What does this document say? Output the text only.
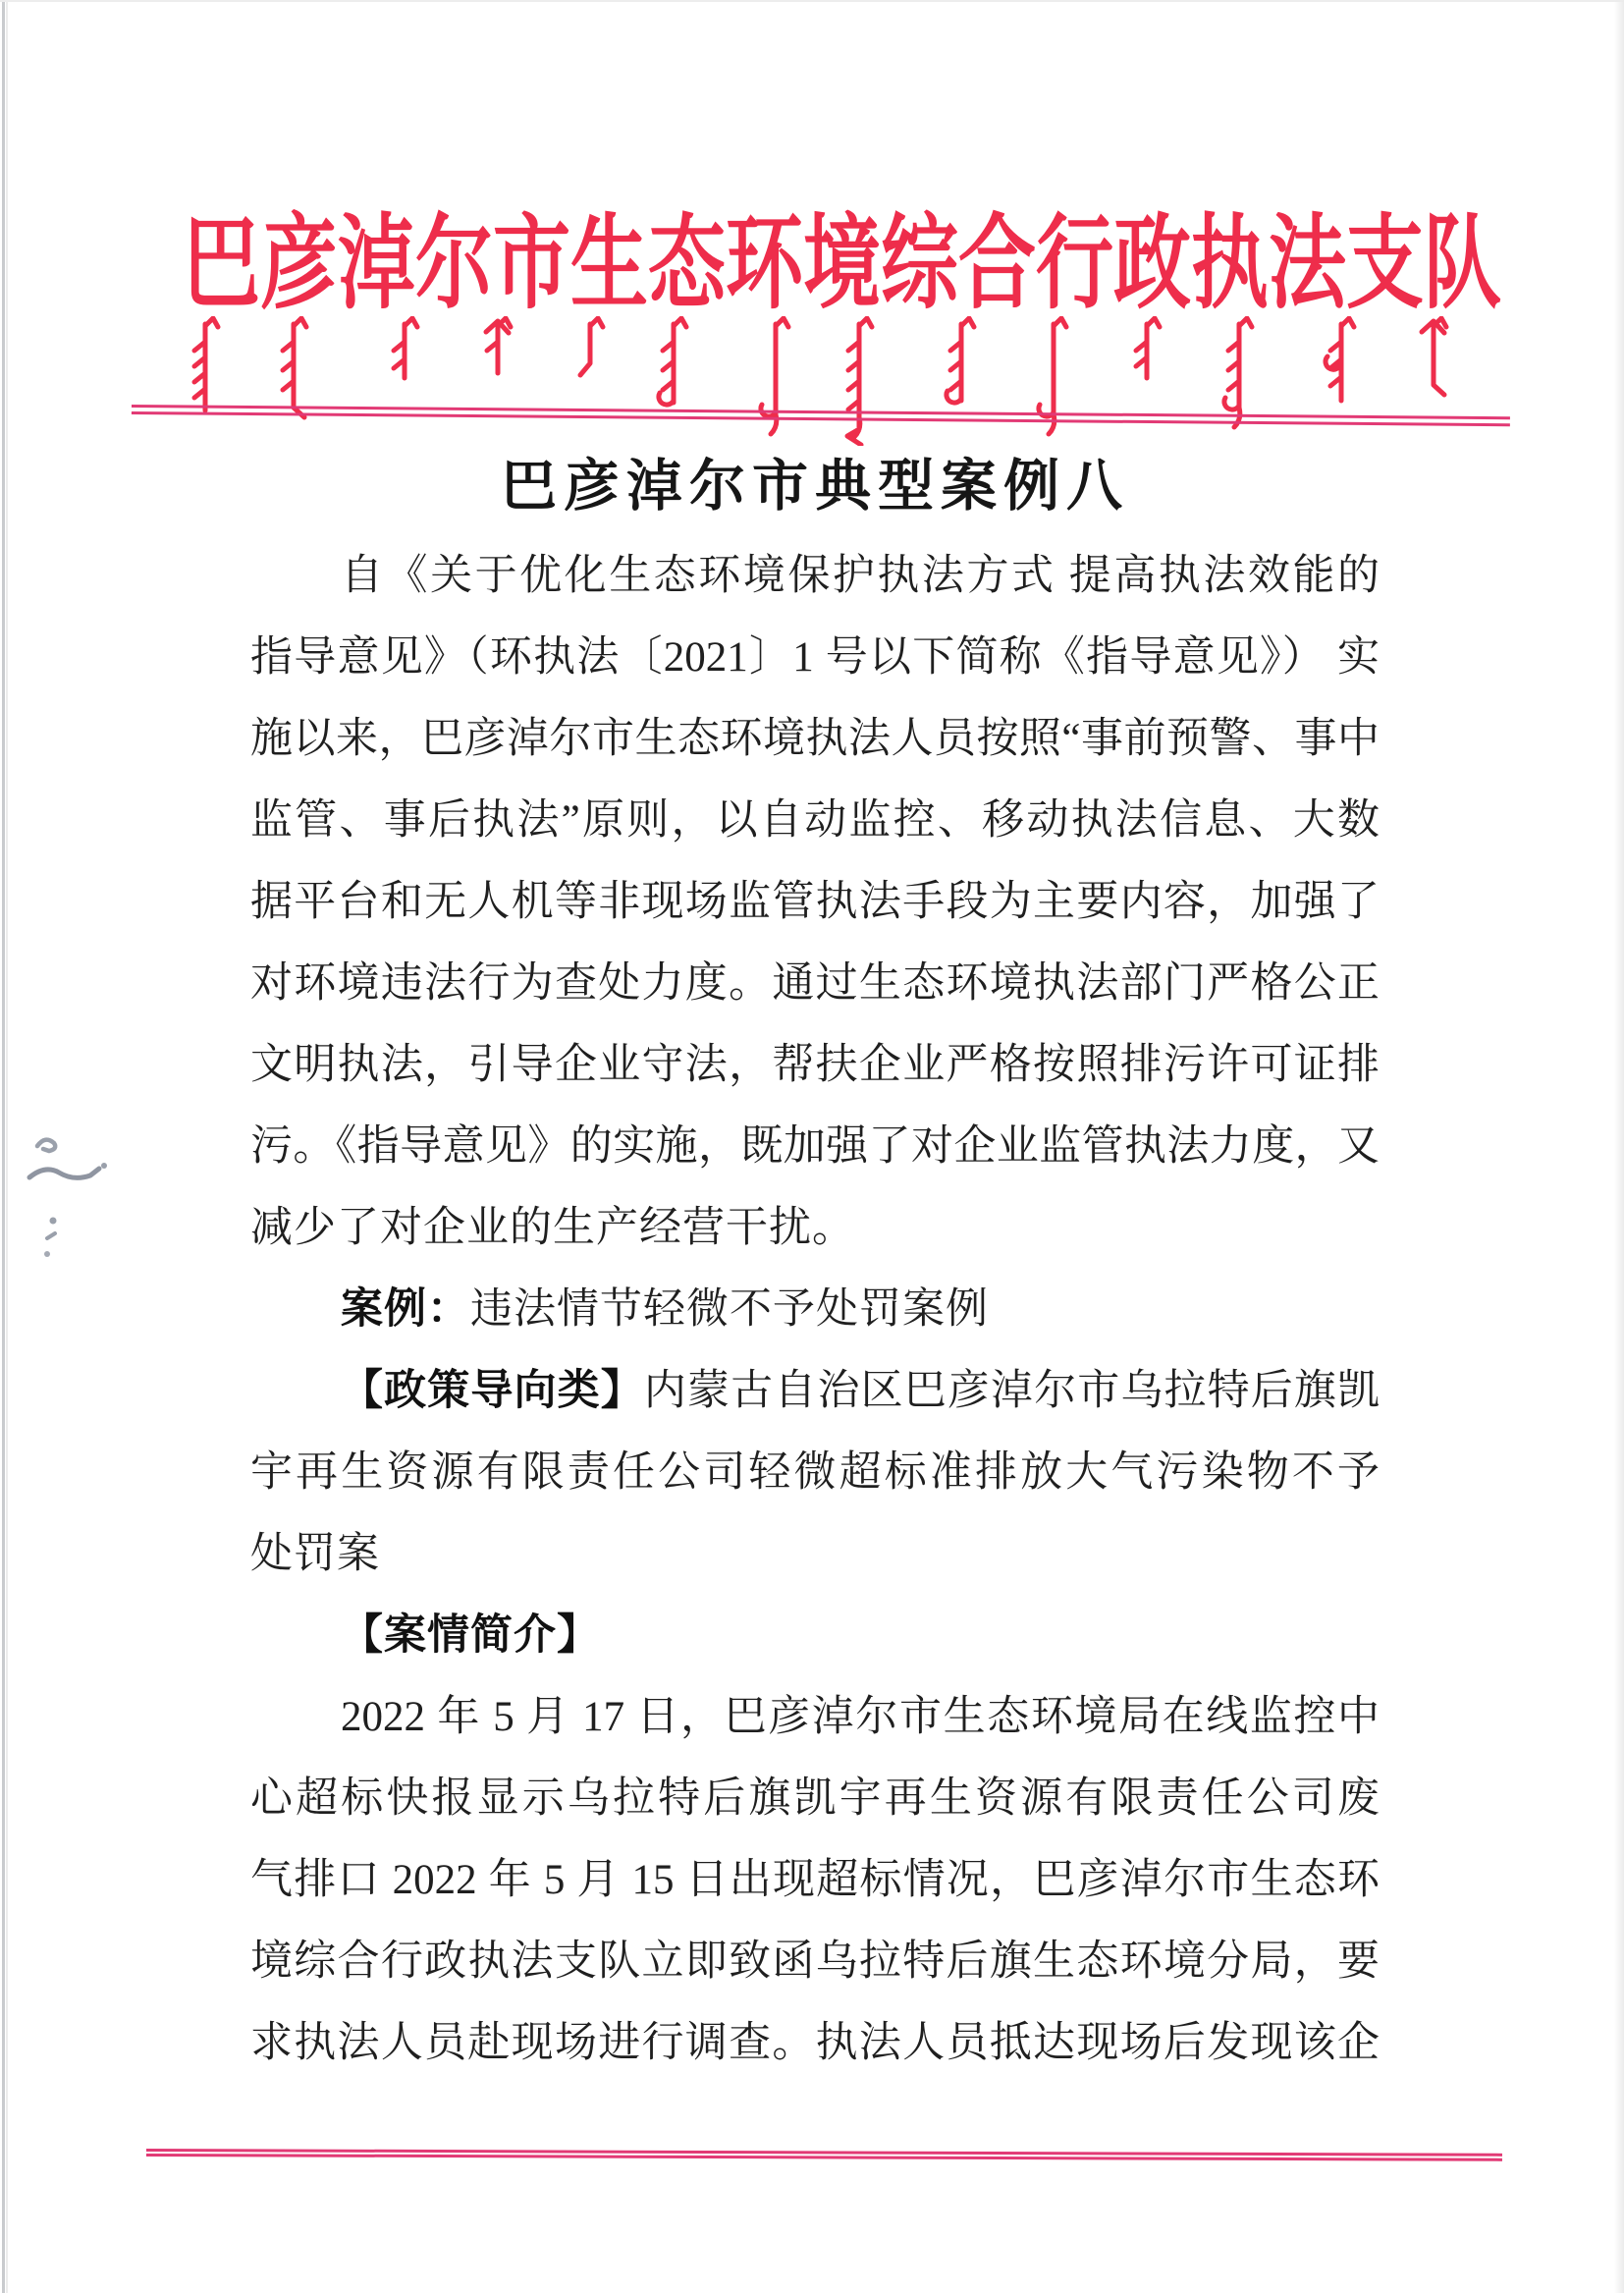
巴 彦 淖 尔 市 生 态 环 境 综 合 行 政 执 法 支 队
巴彦淖尔市典型案例八
自《关于优化生态环境保护执法方式 提高执法效能的
指导意见》（环执法〔2021〕1 号以下简称《指导意见》） 实
施以来，巴彦淖尔市生态环境执法人员按照“事前预警、事中
监管、事后执法”原则，以自动监控、移动执法信息、大数
据平台和无人机等非现场监管执法手段为主要内容，加强了
对环境违法行为查处力度。通过生态环境执法部门严格公正
文明执法，引导企业守法，帮扶企业严格按照排污许可证排
污。《指导意见》的实施，既加强了对企业监管执法力度，又
减少了对企业的生产经营干扰。
案例：违法情节轻微不予处罚案例
【政策导向类】内蒙古自治区巴彦淖尔市乌拉特后旗凯
宇再生资源有限责任公司轻微超标准排放大气污染物不予
处罚案
【案情简介】
2022 年 5 月 17 日，巴彦淖尔市生态环境局在线监控中
心超标快报显示乌拉特后旗凯宇再生资源有限责任公司废
气排口 2022 年 5 月 15 日出现超标情况，巴彦淖尔市生态环
境综合行政执法支队立即致函乌拉特后旗生态环境分局，要
求执法人员赴现场进行调查。执法人员抵达现场后发现该企
